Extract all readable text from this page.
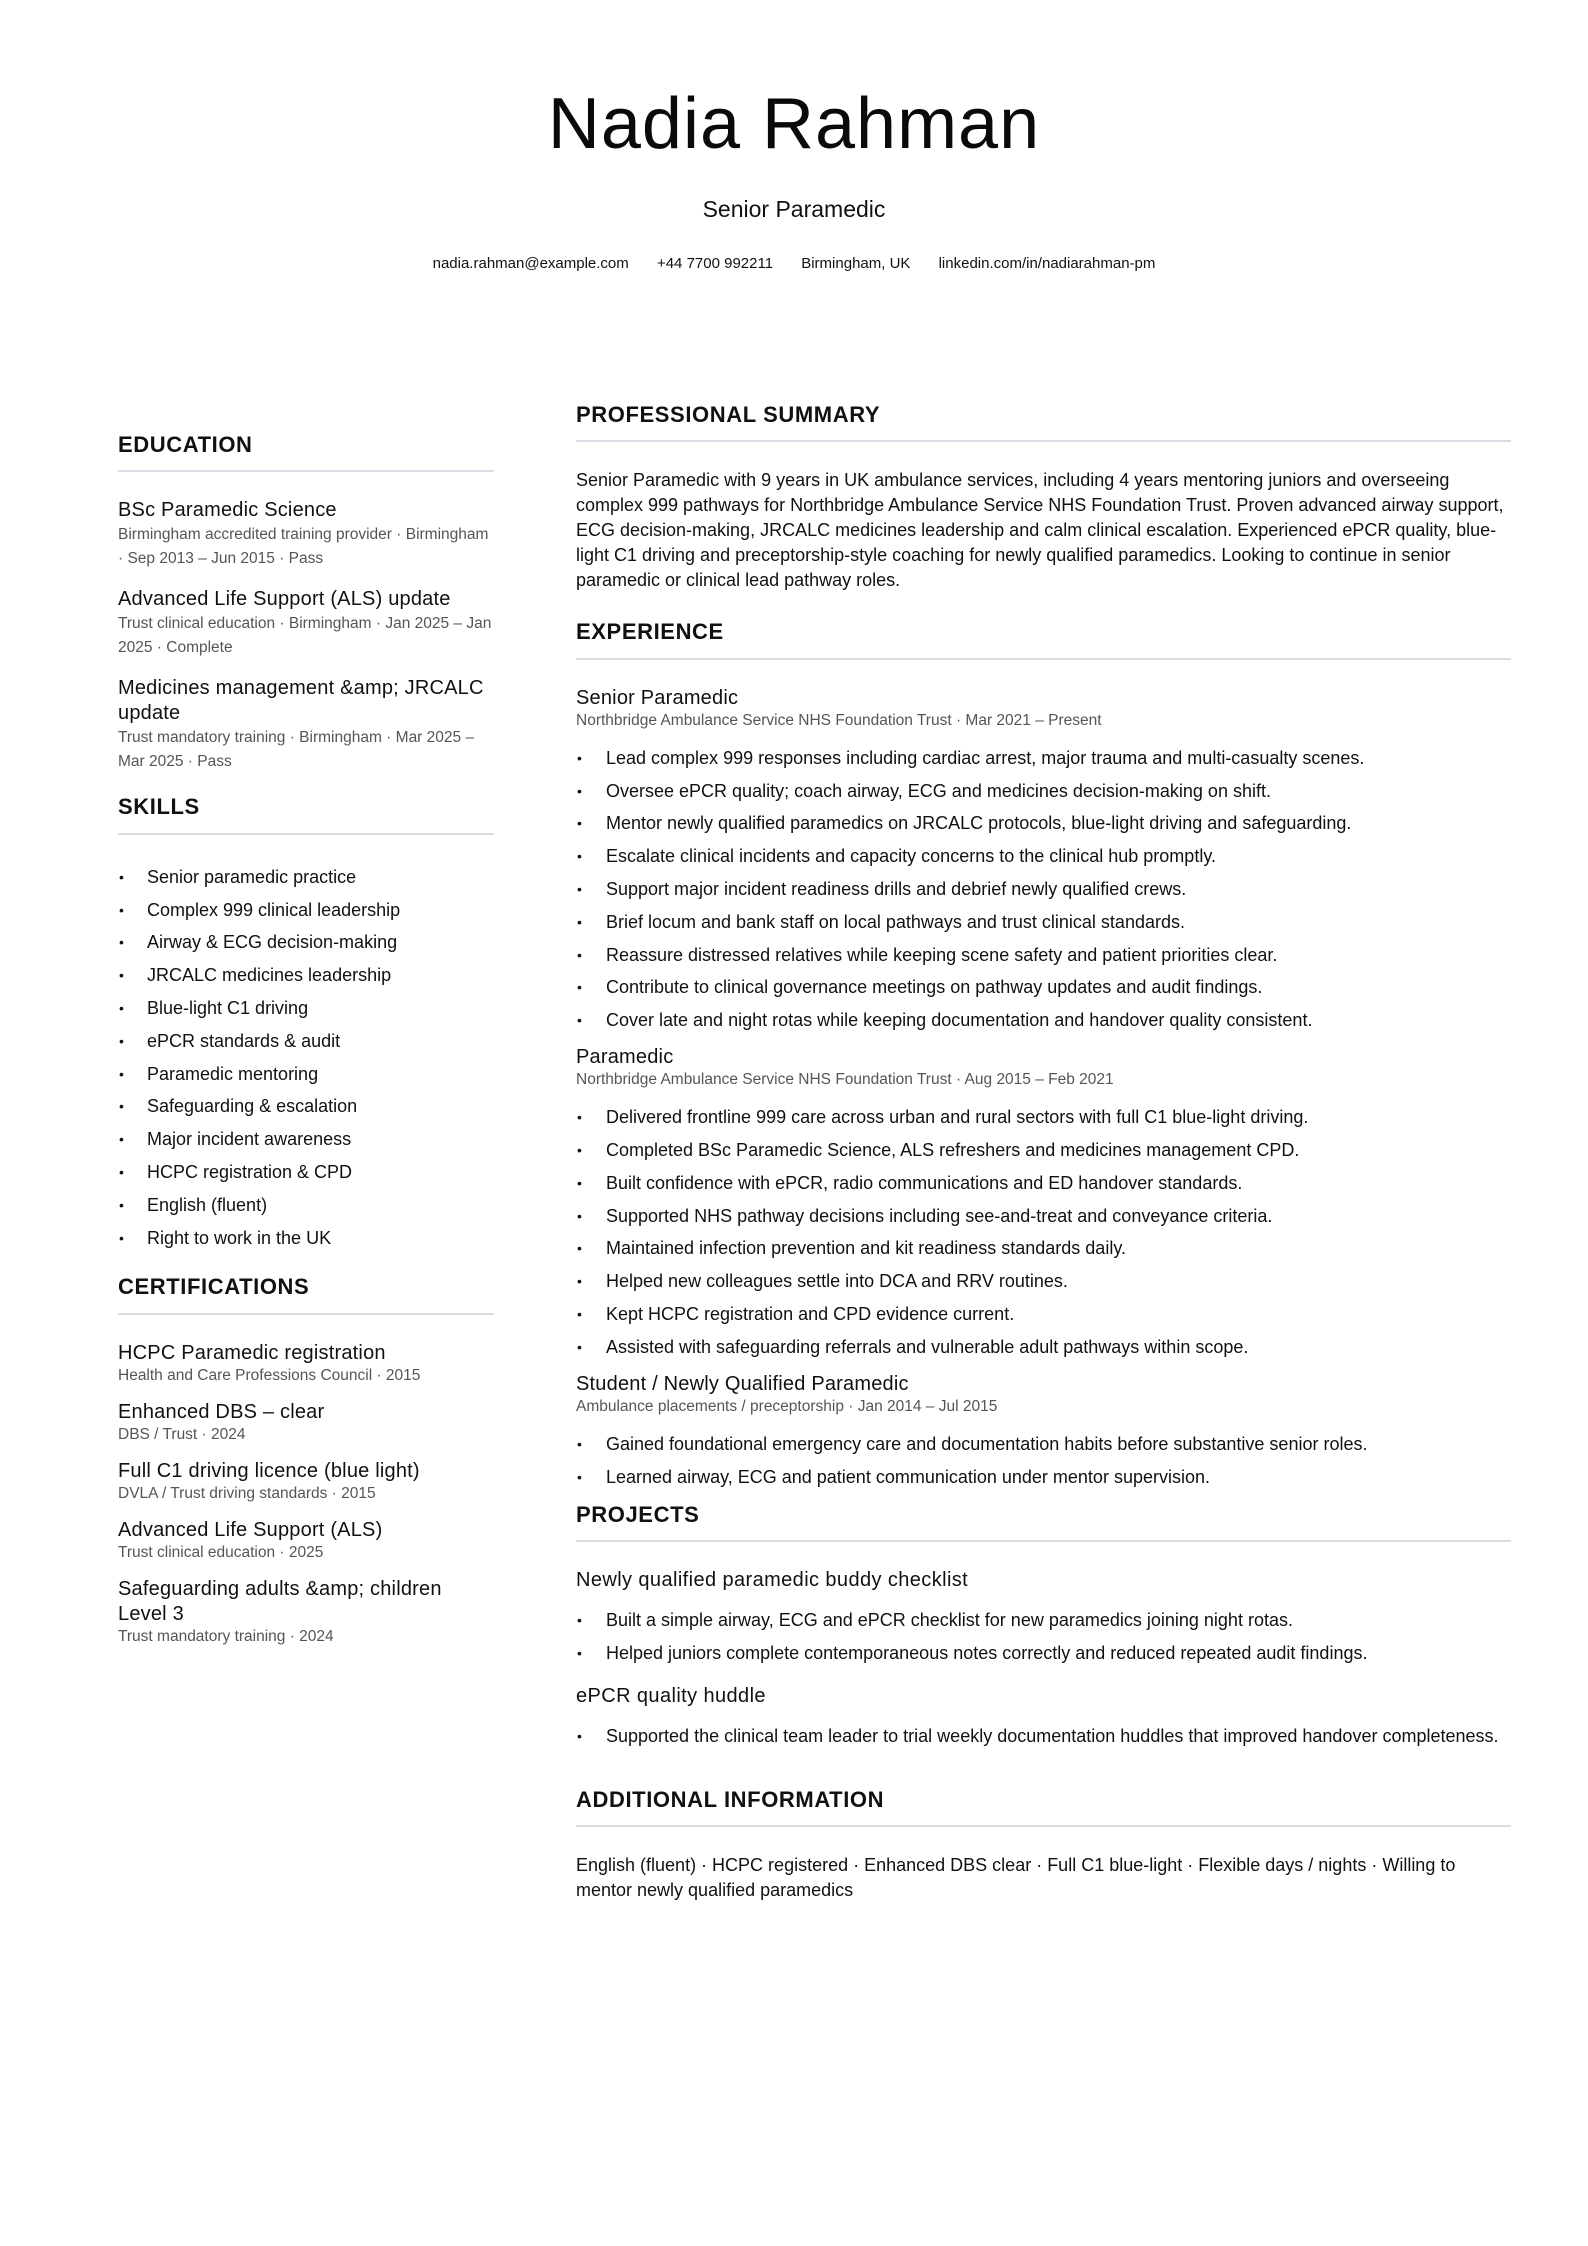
Nadia Rahman
Senior Paramedic
nadia.rahman@example.com +44 7700 992211 Birmingham, UK linkedin.com/in/nadiarahman-pm
EDUCATION
BSc Paramedic Science
Birmingham accredited training provider · Birmingham · Sep 2013 – Jun 2015 · Pass
Advanced Life Support (ALS) update
Trust clinical education · Birmingham · Jan 2025 – Jan 2025 · Complete
Medicines management &amp; JRCALC update
Trust mandatory training · Birmingham · Mar 2025 – Mar 2025 · Pass
SKILLS
• Senior paramedic practice
• Complex 999 clinical leadership
• Airway & ECG decision-making
• JRCALC medicines leadership
• Blue-light C1 driving
• ePCR standards & audit
• Paramedic mentoring
• Safeguarding & escalation
• Major incident awareness
• HCPC registration & CPD
• English (fluent)
• Right to work in the UK
CERTIFICATIONS
HCPC Paramedic registration
Health and Care Professions Council · 2015
Enhanced DBS – clear
DBS / Trust · 2024
Full C1 driving licence (blue light)
DVLA / Trust driving standards · 2015
Advanced Life Support (ALS)
Trust clinical education · 2025
Safeguarding adults &amp; children Level 3
Trust mandatory training · 2024
PROFESSIONAL SUMMARY

Senior Paramedic with 9 years in UK ambulance services, including 4 years mentoring juniors and overseeing complex 999 pathways for Northbridge Ambulance Service NHS Foundation Trust. Proven advanced airway support, ECG decision-making, JRCALC medicines leadership and calm clinical escalation. Experienced ePCR quality, blue-light C1 driving and preceptorship-style coaching for newly qualified paramedics. Looking to continue in senior paramedic or clinical lead pathway roles.

EXPERIENCE
Senior Paramedic
Northbridge Ambulance Service NHS Foundation Trust · Mar 2021 – Present
• Lead complex 999 responses including cardiac arrest, major trauma and multi-casualty scenes.
• Oversee ePCR quality; coach airway, ECG and medicines decision-making on shift.
• Mentor newly qualified paramedics on JRCALC protocols, blue-light driving and safeguarding.
• Escalate clinical incidents and capacity concerns to the clinical hub promptly.
• Support major incident readiness drills and debrief newly qualified crews.
• Brief locum and bank staff on local pathways and trust clinical standards.
• Reassure distressed relatives while keeping scene safety and patient priorities clear.
• Contribute to clinical governance meetings on pathway updates and audit findings.
• Cover late and night rotas while keeping documentation and handover quality consistent.
Paramedic
Northbridge Ambulance Service NHS Foundation Trust · Aug 2015 – Feb 2021
• Delivered frontline 999 care across urban and rural sectors with full C1 blue-light driving.
• Completed BSc Paramedic Science, ALS refreshers and medicines management CPD.
• Built confidence with ePCR, radio communications and ED handover standards.
• Supported NHS pathway decisions including see-and-treat and conveyance criteria.
• Maintained infection prevention and kit readiness standards daily.
• Helped new colleagues settle into DCA and RRV routines.
• Kept HCPC registration and CPD evidence current.
• Assisted with safeguarding referrals and vulnerable adult pathways within scope.
Student / Newly Qualified Paramedic
Ambulance placements / preceptorship · Jan 2014 – Jul 2015
• Gained foundational emergency care and documentation habits before substantive senior roles.
• Learned airway, ECG and patient communication under mentor supervision.
PROJECTS
Newly qualified paramedic buddy checklist
• Built a simple airway, ECG and ePCR checklist for new paramedics joining night rotas.
• Helped juniors complete contemporaneous notes correctly and reduced repeated audit findings.
ePCR quality huddle
• Supported the clinical team leader to trial weekly documentation huddles that improved handover completeness.
ADDITIONAL INFORMATION

English (fluent) · HCPC registered · Enhanced DBS clear · Full C1 blue-light · Flexible days / nights · Willing to mentor newly qualified paramedics
